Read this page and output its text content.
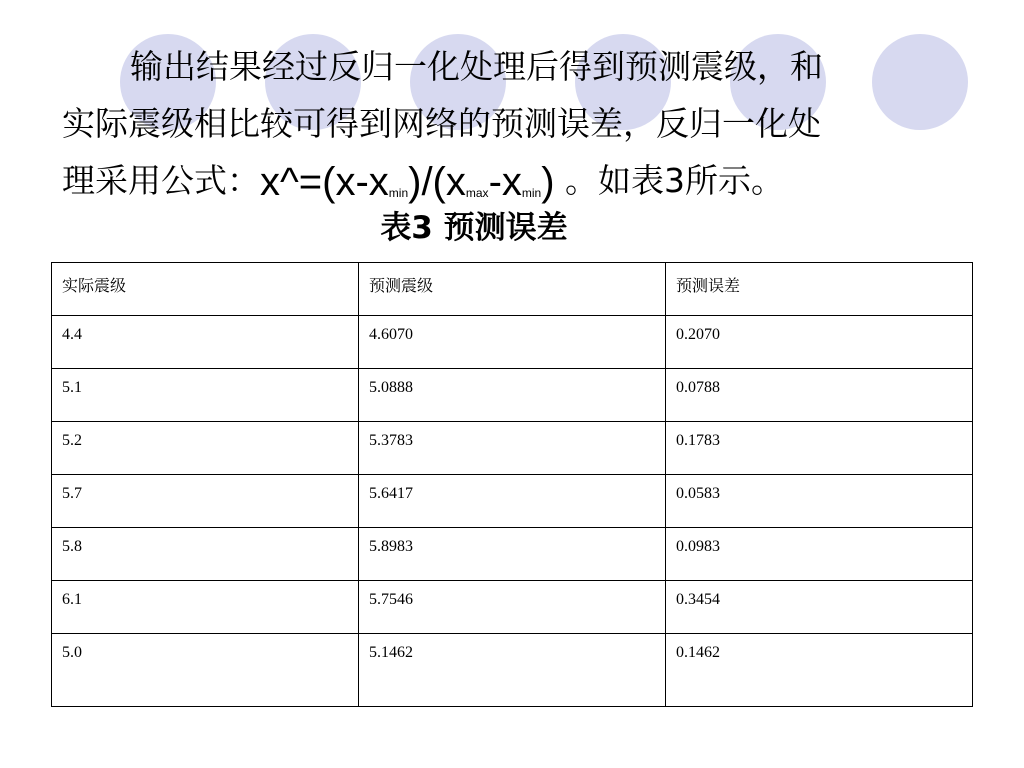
输出结果经过反归一化处理后得到预测震级，和
实际震级相比较可得到网络的预测误差，反归一化处
理采用公式：$x\^{}=(x-x_{min})/(x_{max}-x_{min})$ 。如表3所示。
表3 预测误差
实际震级	预测震级	预测误差
4.4	4.6070	0.2070
5.1	5.0888	0.0788
5.2	5.3783	0.1783
5.7	5.6417	0.0583
5.8	5.8983	0.0983
6.1	5.7546	0.3454
5.0	5.1462	0.1462
